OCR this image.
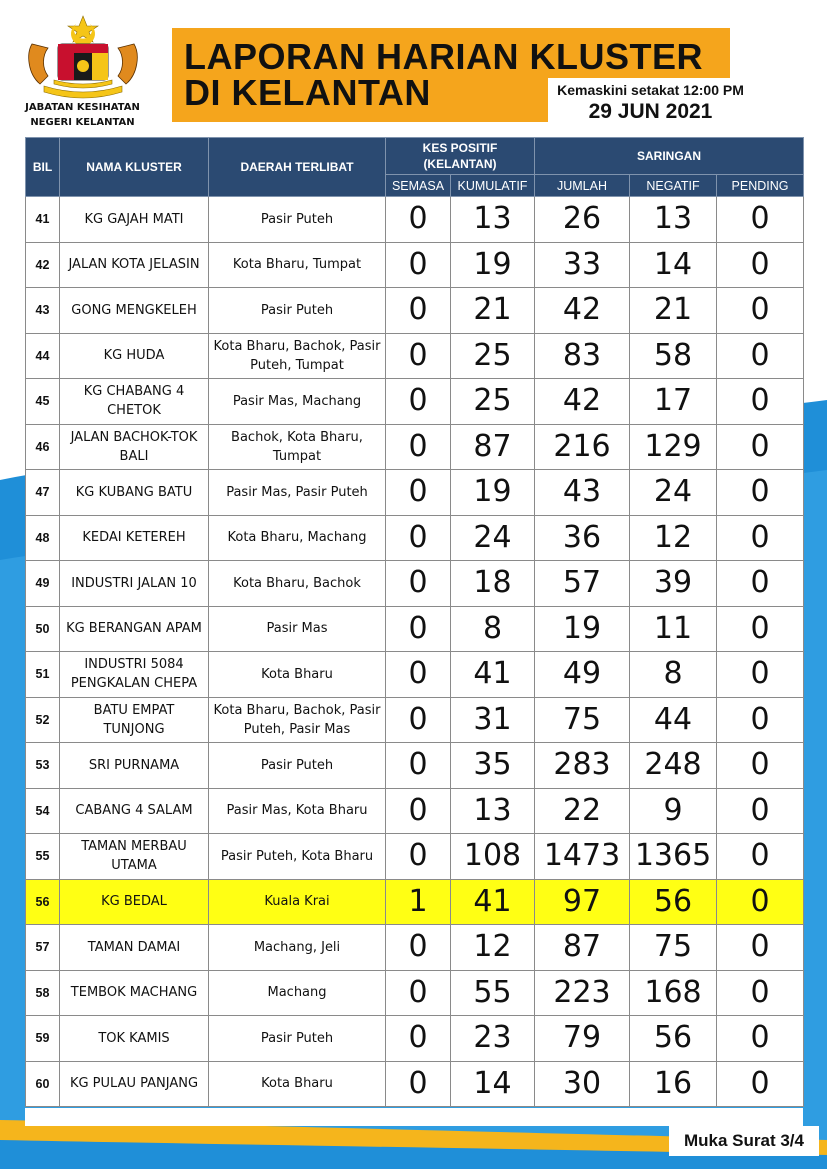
JABATAN KESIHATAN
NEGERI KELANTAN
LAPORAN HARIAN KLUSTER
DI KELANTAN	Kemaskini setakat 12:00 PM
29 JUN 2021
BIL	NAMA KLUSTER	DAERAH TERLIBAT	KES POSITIF
(KELANTAN)		SARINGAN		
			SEMASA	KUMULATIF	JUMLAH	NEGATIF	PENDING
41	KG GAJAH MATI	Pasir Puteh	0	13	26	13	0
42	JALAN KOTA JELASIN	Kota Bharu, Tumpat	0	19	33	14	0
43	GONG MENGKELEH	Pasir Puteh	0	21	42	21	0
44	KG HUDA	Kota Bharu, Bachok, Pasir Puteh, Tumpat	0	25	83	58	0
45	KG CHABANG 4 CHETOK	Pasir Mas, Machang	0	25	42	17	0
46	JALAN BACHOK-TOK BALI	Bachok, Kota Bharu, Tumpat	0	87	216	129	0
47	KG KUBANG BATU	Pasir Mas, Pasir Puteh	0	19	43	24	0
48	KEDAI KETEREH	Kota Bharu, Machang	0	24	36	12	0
49	INDUSTRI JALAN 10	Kota Bharu, Bachok	0	18	57	39	0
50	KG BERANGAN APAM	Pasir Mas	0	8	19	11	0
51	INDUSTRI 5084 PENGKALAN CHEPA	Kota Bharu	0	41	49	8	0
52	BATU EMPAT TUNJONG	Kota Bharu, Bachok, Pasir Puteh, Pasir Mas	0	31	75	44	0
53	SRI PURNAMA	Pasir Puteh	0	35	283	248	0
54	CABANG 4 SALAM	Pasir Mas, Kota Bharu	0	13	22	9	0
55	TAMAN MERBAU UTAMA	Pasir Puteh, Kota Bharu	0	108	1473	1365	0
56	KG BEDAL	Kuala Krai	1	41	97	56	0
57	TAMAN DAMAI	Machang, Jeli	0	12	87	75	0
58	TEMBOK MACHANG	Machang	0	55	223	168	0
59	TOK KAMIS	Pasir Puteh	0	23	79	56	0
60	KG PULAU PANJANG	Kota Bharu	0	14	30	16	0
Muka Surat 3/4
